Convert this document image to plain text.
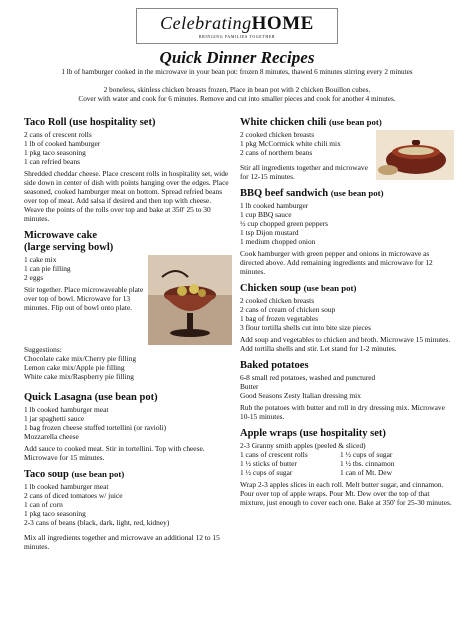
CelebratingHOME
BRINGING FAMILIES TOGETHER
Quick Dinner Recipes
1 lb of hamburger cooked in the microwave in your bean pot: frozen 8 minutes, thawed 6 minutes stirring every 2 minutes
2 boneless, skinless chicken breasts frozen, Place in bean pot with 2 chicken Bouillon cubes.
Cover with water and cook for 6 minutes. Remove and cut into smaller pieces and cook for another 4 minutes.
Taco Roll (use hospitality set)
2 cans of crescent rolls
1 lb of cooked hamburger
1 pkg taco seasoning
1 can refried beans
Shredded cheddar cheese. Place crescent rolls in hospitality set, wide side down in center of dish with points hanging over the edges. Place seasoned, cooked hamburger meat on bottom. Spread refried beans over top of meat. Add salsa if desired and then top with cheese. Weave the points of the rolls over top and bake at 350' 25 to 30 minutes.
Microwave cake
(large serving bowl)
1 cake mix
1 can pie filling
2 eggs
Stir together. Place microwaveable plate over top of bowl. Microwave for 13 minutes. Flip out of bowl onto plate.
Suggestions:
Chocolate cake mix/Cherry pie filling
Lemon cake mix/Apple pie filling
White cake mix/Raspberry pie filling
Quick Lasagna (use bean pot)
1 lb cooked hamburger meat
1 jar spaghetti sauce
1 bag frozen cheese stuffed tortellini (or ravioli)
Mozzarella cheese
Add sauce to cooked meat. Stir in tortellini. Top with cheese. Microwave for 15 minutes.
Taco soup (use bean pot)
1 lb cooked hamburger meat
2 cans of diced tomatoes w/ juice
1 can of corn
1 pkg taco seasoning
2-3 cans of beans (black, dark, light, red, kidney)
Mix all ingredients together and microwave an additional 12 to 15 minutes.
White chicken chili (use bean pot)
2 cooked chicken breasts
1 pkg McCormick white chili mix
2 cans of northern beans
Stir all ingredients together and microwave for 12-15 minutes.
BBQ beef sandwich (use bean pot)
1 lb cooked hamburger
1 cup BBQ sauce
½ cup chopped green peppers
1 tsp Dijon mustard
1 medium chopped onion
Cook hamburger with green pepper and onions in microwave as directed above. Add remaining ingredients and microwave for 12 minutes.
Chicken soup (use bean pot)
2 cooked chicken breasts
2 cans of cream of chicken soup
1 bag of frozen vegetables
3 flour tortilla shells cut into bite size pieces
Add soup and vegetables to chicken and broth. Microwave 15 minutes. Add tortilla shells and stir. Let stand for 1-2 minutes.
Baked potatoes
6-8 small red potatoes, washed and punctured
Butter
Good Seasons Zesty Italian dressing mix
Rub the potatoes with butter and roll in dry dressing mix. Microwave 10-15 minutes.
Apple wraps (use hospitality set)
2-3 Granny smith apples (peeled & sliced)
1 cans of crescent rolls	1 ½ cups of sugar
1 ½ sticks of butter	1 ½ tbs. cinnamon
1 ½ cups of sugar	1 can of Mt. Dew
Wrap 2-3 apples slices in each roll. Melt butter sugar, and cinnamon. Pour over top of apple wraps. Pour Mt. Dew over the top of that mixture, just enough to cover each one. Bake at 350' for 25-30 minutes.
